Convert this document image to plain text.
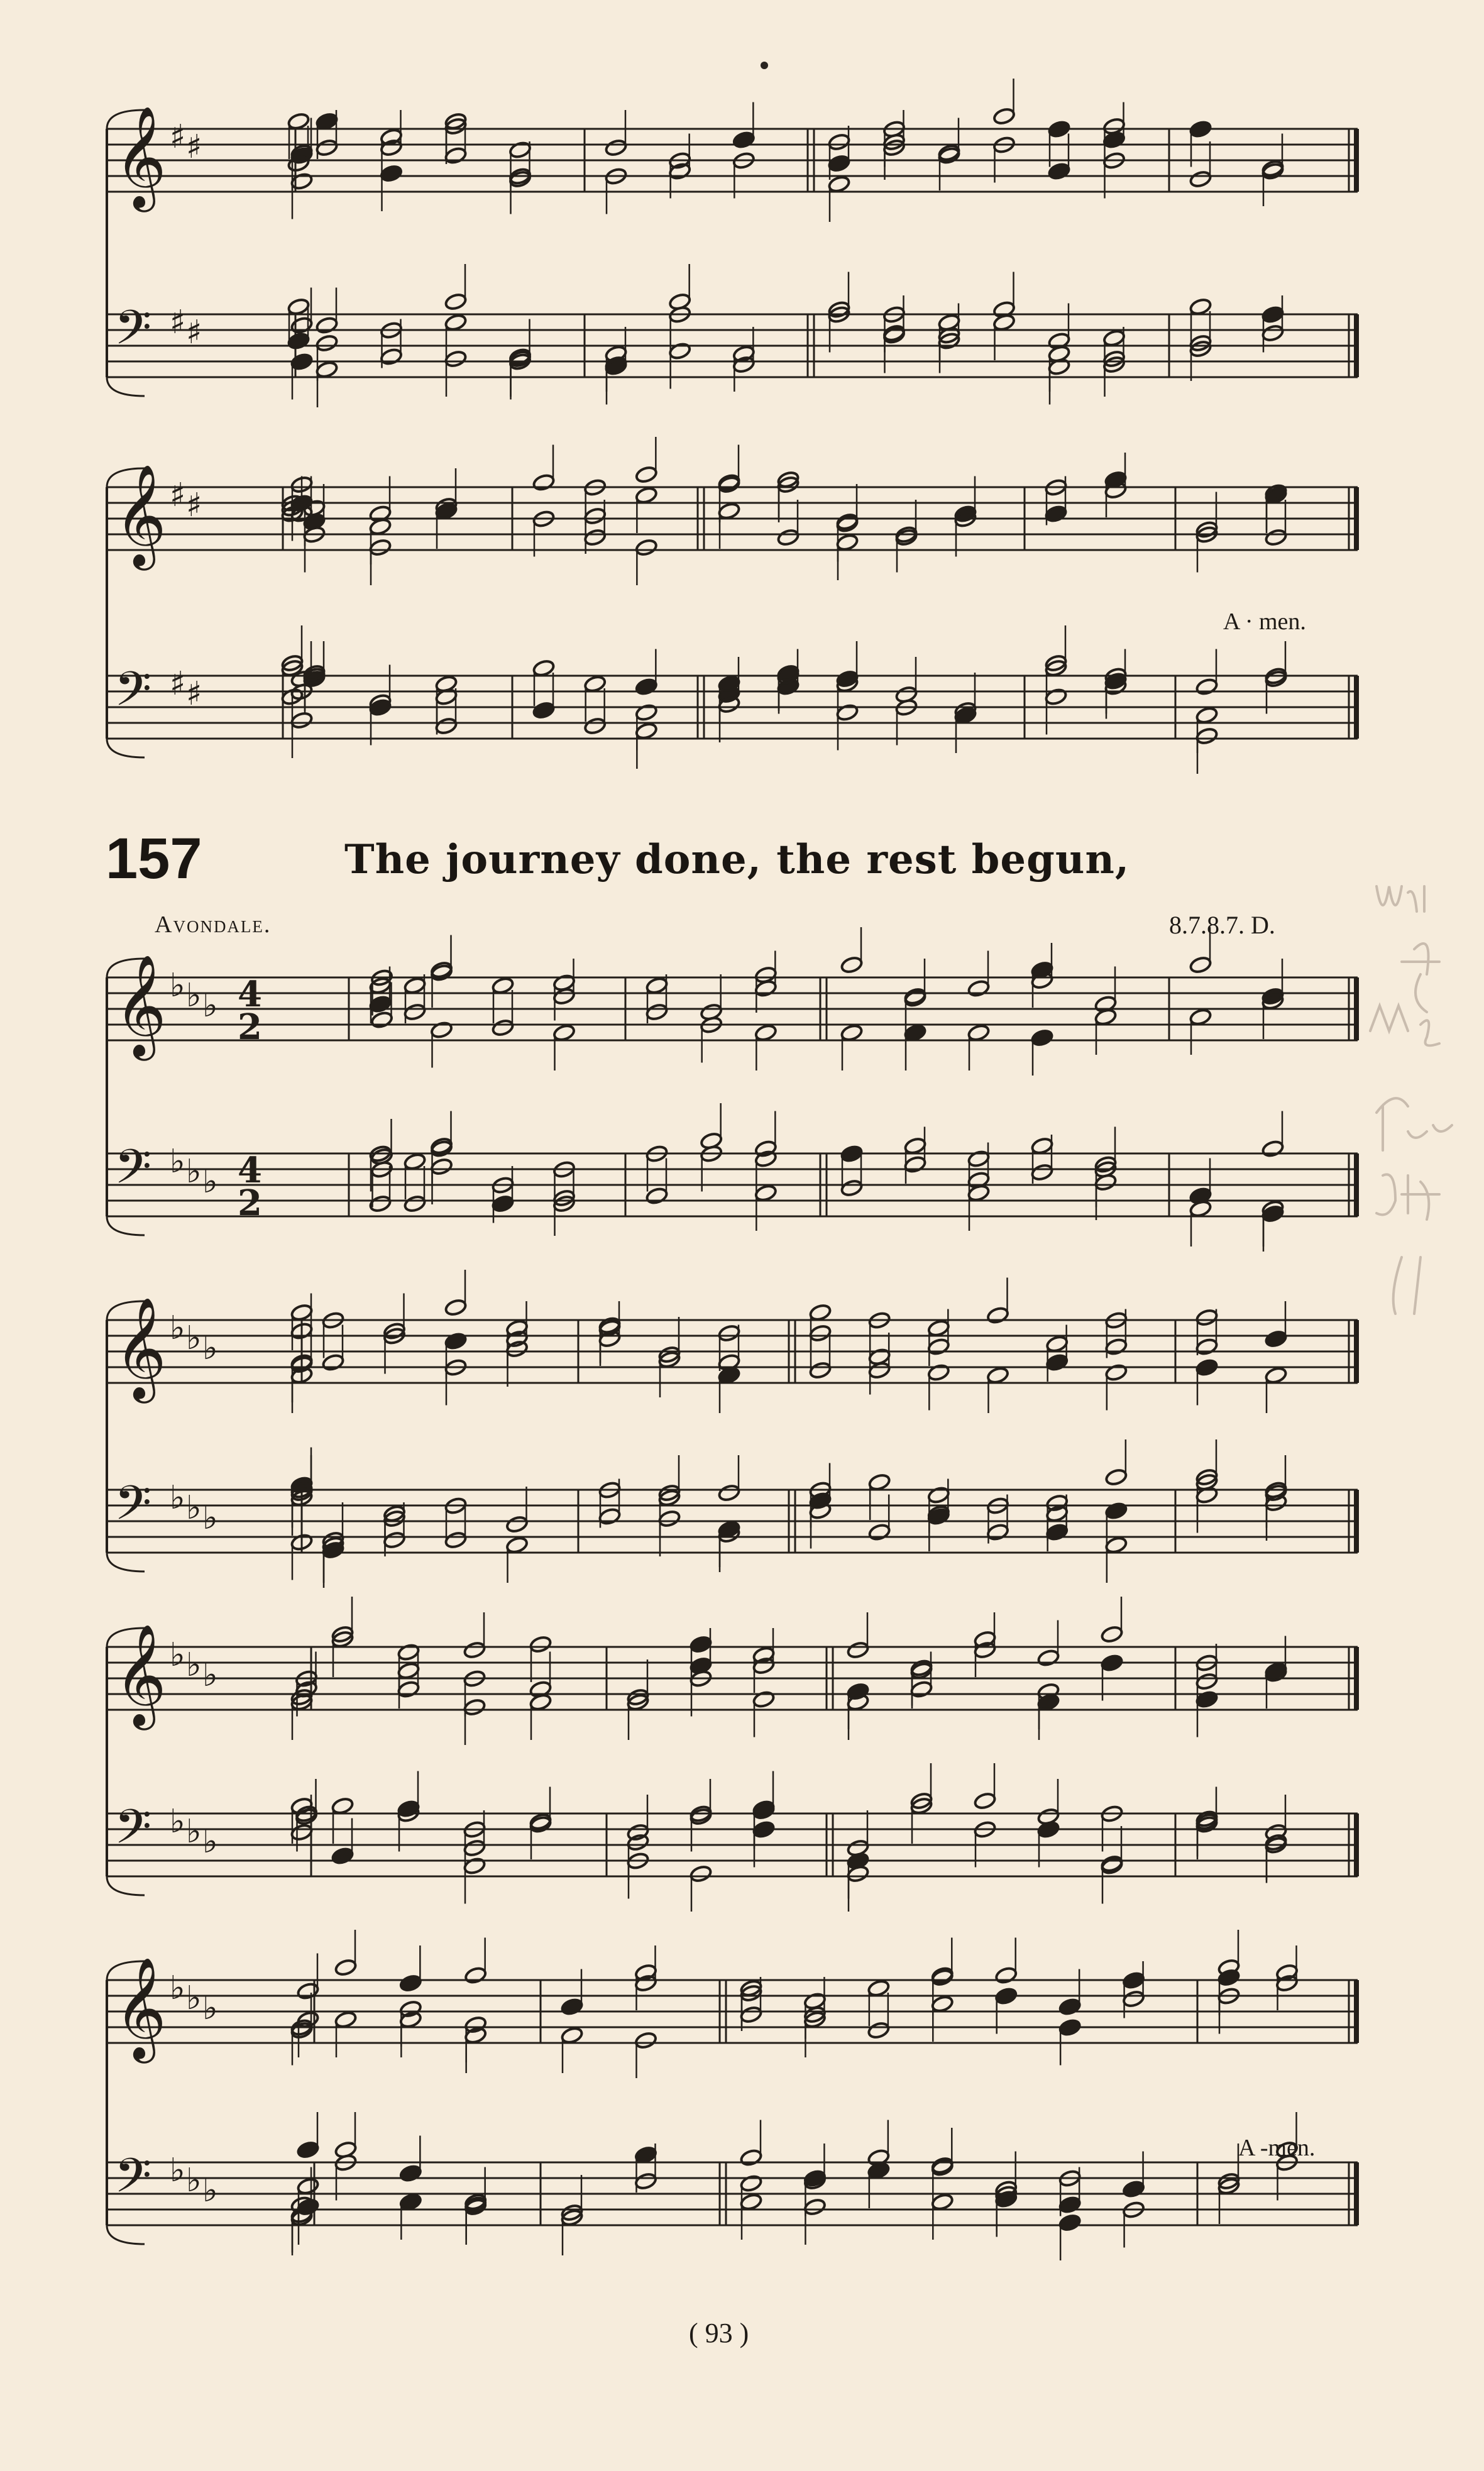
𝄞 ♯ ♯
𝄢 ♯ ♯
𝄞 ♯ ♯
𝄢 ♯ ♯
𝄞 ♭ ♭ ♭
𝄢 ♭ ♭ ♭
4
2
4
2
𝄞 ♭ ♭ ♭
𝄢 ♭ ♭ ♭
𝄞 ♭ ♭ ♭
𝄢 ♭ ♭ ♭
𝄞 ♭ ♭ ♭
𝄢 ♭ ♭ ♭
157	The journey done, the rest begun,
Avondale.	8.7.8.7. D.
A · men.
A -men.
( 93 )
